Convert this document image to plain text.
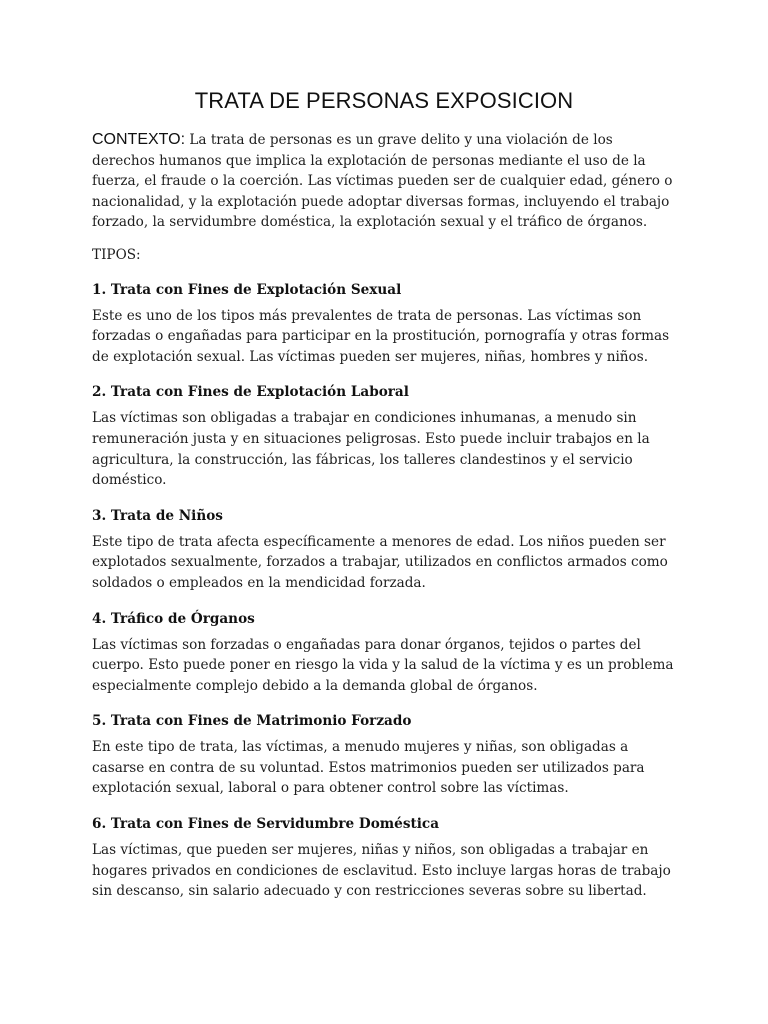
TRATA DE PERSONAS EXPOSICION

CONTEXTO: La trata de personas es un grave delito y una violación de los derechos humanos que implica la explotación de personas mediante el uso de la fuerza, el fraude o la coerción. Las víctimas pueden ser de cualquier edad, género o nacionalidad, y la explotación puede adoptar diversas formas, incluyendo el trabajo forzado, la servidumbre doméstica, la explotación sexual y el tráfico de órganos.

TIPOS:

1. Trata con Fines de Explotación Sexual

Este es uno de los tipos más prevalentes de trata de personas. Las víctimas son forzadas o engañadas para participar en la prostitución, pornografía y otras formas de explotación sexual. Las víctimas pueden ser mujeres, niñas, hombres y niños.

2. Trata con Fines de Explotación Laboral

Las víctimas son obligadas a trabajar en condiciones inhumanas, a menudo sin remuneración justa y en situaciones peligrosas. Esto puede incluir trabajos en la agricultura, la construcción, las fábricas, los talleres clandestinos y el servicio doméstico.

3. Trata de Niños

Este tipo de trata afecta específicamente a menores de edad. Los niños pueden ser explotados sexualmente, forzados a trabajar, utilizados en conflictos armados como soldados o empleados en la mendicidad forzada.

4. Tráfico de Órganos

Las víctimas son forzadas o engañadas para donar órganos, tejidos o partes del cuerpo. Esto puede poner en riesgo la vida y la salud de la víctima y es un problema especialmente complejo debido a la demanda global de órganos.

5. Trata con Fines de Matrimonio Forzado

En este tipo de trata, las víctimas, a menudo mujeres y niñas, son obligadas a casarse en contra de su voluntad. Estos matrimonios pueden ser utilizados para explotación sexual, laboral o para obtener control sobre las víctimas.

6. Trata con Fines de Servidumbre Doméstica

Las víctimas, que pueden ser mujeres, niñas y niños, son obligadas a trabajar en hogares privados en condiciones de esclavitud. Esto incluye largas horas de trabajo sin descanso, sin salario adecuado y con restricciones severas sobre su libertad.
